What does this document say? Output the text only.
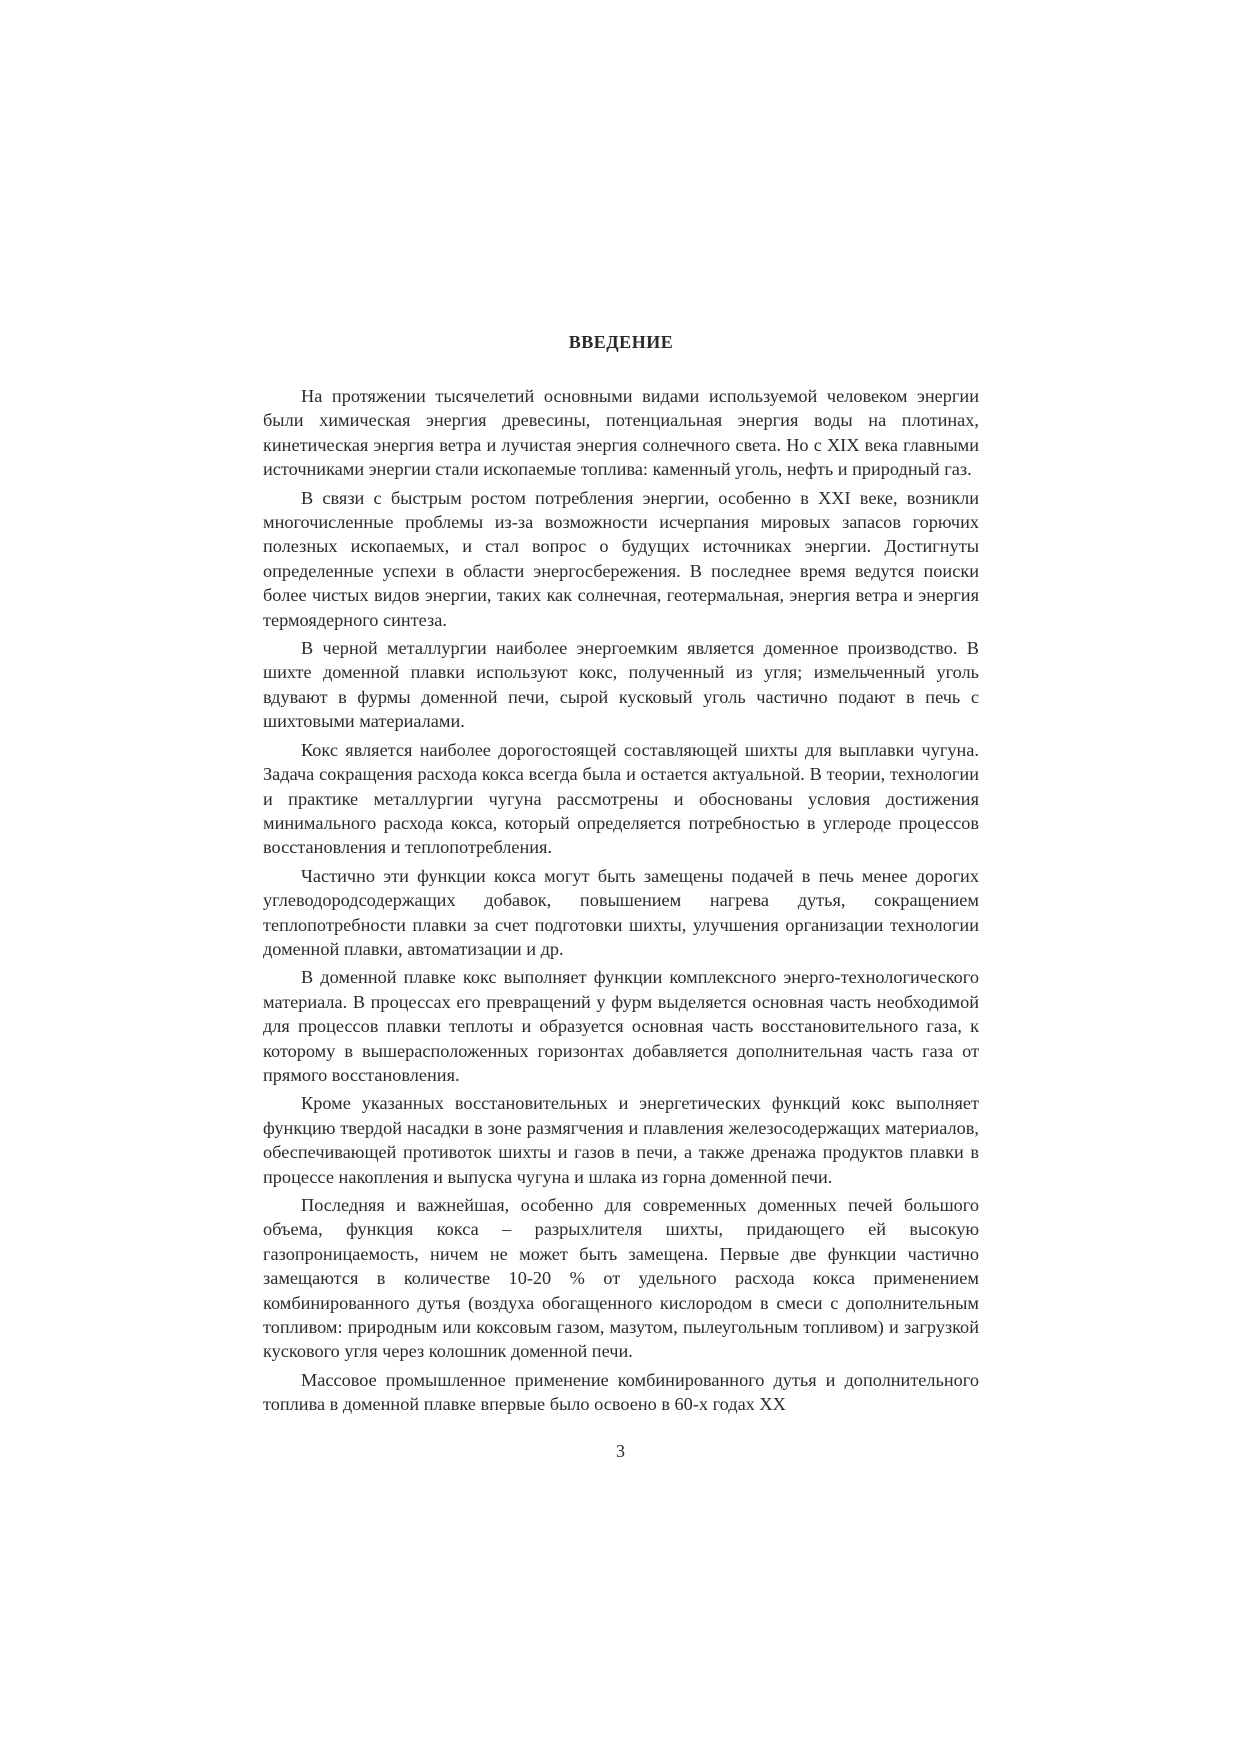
ВВЕДЕНИЕ

На протяжении тысячелетий основными видами используемой человеком энергии были химическая энергия древесины, потенциальная энергия воды на плотинах, кинетическая энергия ветра и лучистая энергия солнечного света. Но с XIX века главными источниками энергии стали ископаемые топлива: каменный уголь, нефть и природный газ.

В связи с быстрым ростом потребления энергии, особенно в XXI веке, возникли многочисленные проблемы из-за возможности исчерпания мировых запасов горючих полезных ископаемых, и стал вопрос о будущих источниках энергии. Достигнуты определенные успехи в области энергосбережения. В последнее время ведутся поиски более чистых видов энергии, таких как солнечная, геотермальная, энергия ветра и энергия термоядерного синтеза.

В черной металлургии наиболее энергоемким является доменное производство. В шихте доменной плавки используют кокс, полученный из угля; измельченный уголь вдувают в фурмы доменной печи, сырой кусковый уголь частично подают в печь с шихтовыми материалами.

Кокс является наиболее дорогостоящей составляющей шихты для выплавки чугуна. Задача сокращения расхода кокса всегда была и остается актуальной. В теории, технологии и практике металлургии чугуна рассмотрены и обоснованы условия достижения минимального расхода кокса, который определяется потребностью в углероде процессов восстановления и теплопотребления.

Частично эти функции кокса могут быть замещены подачей в печь менее дорогих углеводородсодержащих добавок, повышением нагрева дутья, сокращением теплопотребности плавки за счет подготовки шихты, улучшения организации технологии доменной плавки, автоматизации и др.

В доменной плавке кокс выполняет функции комплексного энерго-технологического материала. В процессах его превращений у фурм выделяется основная часть необходимой для процессов плавки теплоты и образуется основная часть восстановительного газа, к которому в вышерасположенных горизонтах добавляется дополнительная часть газа от прямого восстановления.

Кроме указанных восстановительных и энергетических функций кокс выполняет функцию твердой насадки в зоне размягчения и плавления железосодержащих материалов, обеспечивающей противоток шихты и газов в печи, а также дренажа продуктов плавки в процессе накопления и выпуска чугуна и шлака из горна доменной печи.

Последняя и важнейшая, особенно для современных доменных печей большого объема, функция кокса – разрыхлителя шихты, придающего ей высокую газопроницаемость, ничем не может быть замещена. Первые две функции частично замещаются в количестве 10-20 % от удельного расхода кокса применением комбинированного дутья (воздуха обогащенного кислородом в смеси с дополнительным топливом: природным или коксовым газом, мазутом, пылеугольным топливом) и загрузкой кускового угля через колошник доменной печи.

Массовое промышленное применение комбинированного дутья и дополнительного топлива в доменной плавке впервые было освоено в 60-х годах XX

3
